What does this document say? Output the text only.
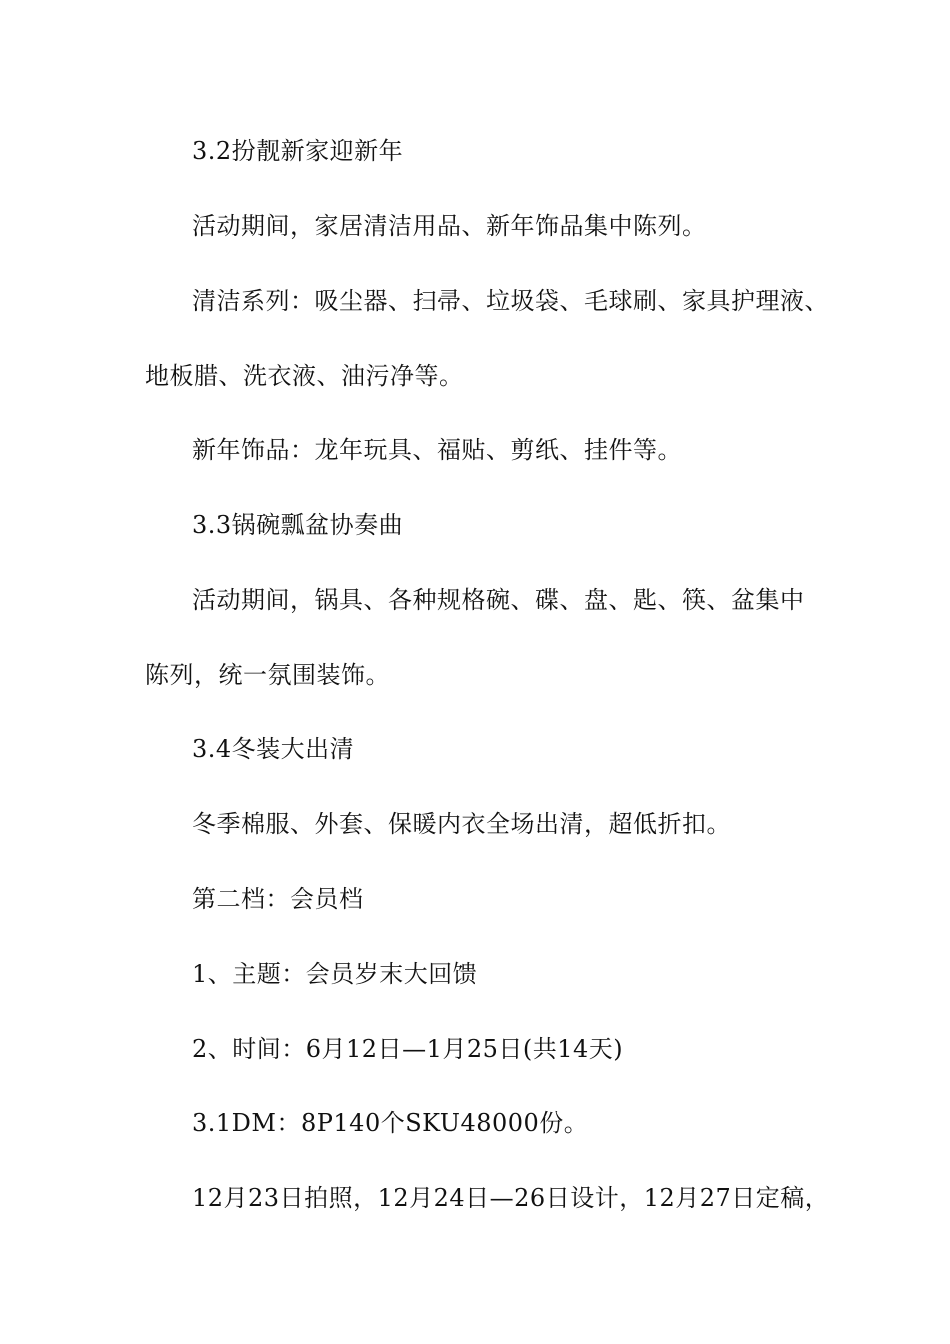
3.2扮靓新家迎新年
活动期间，家居清洁用品、新年饰品集中陈列。
清洁系列：吸尘器、扫帚、垃圾袋、毛球刷、家具护理液、
地板腊、洗衣液、油污净等。
新年饰品：龙年玩具、福贴、剪纸、挂件等。
3.3锅碗瓢盆协奏曲
活动期间，锅具、各种规格碗、碟、盘、匙、筷、盆集中
陈列，统一氛围装饰。
3.4冬装大出清
冬季棉服、外套、保暖内衣全场出清，超低折扣。
第二档：会员档
1、主题：会员岁末大回馈
2、时间：6月12日—1月25日(共14天)
3.1DM：8P140个SKU48000份。
12月23日拍照，12月24日—26日设计，12月27日定稿，
